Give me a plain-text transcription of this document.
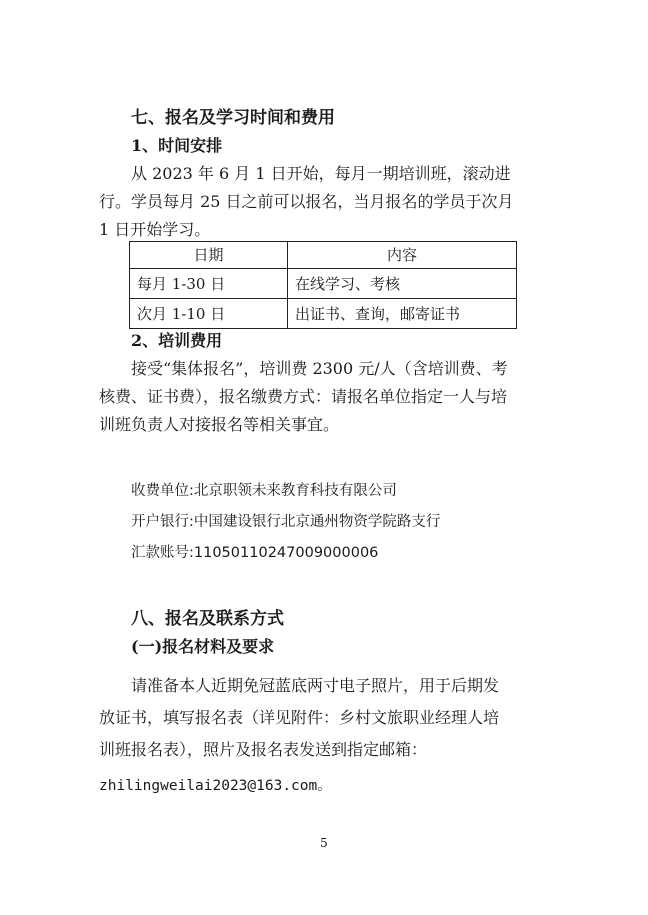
七、报名及学习时间和费用
1、时间安排
从 2023 年 6 月 1 日开始，每月一期培训班，滚动进
行。学员每月 25 日之前可以报名，当月报名的学员于次月
1 日开始学习。
日期	内容
每月 1-30 日	在线学习、考核
次月 1-10 日	出证书、查询，邮寄证书
2、培训费用
接受“集体报名”，培训费 2300 元/人（含培训费、考
核费、证书费），报名缴费方式：请报名单位指定一人与培
训班负责人对接报名等相关事宜。
收费单位:北京职领未来教育科技有限公司
开户银行:中国建设银行北京通州物资学院路支行
汇款账号:11050110247009000006
八、报名及联系方式
(一)报名材料及要求
请准备本人近期免冠蓝底两寸电子照片，用于后期发
放证书，填写报名表（详见附件：乡村文旅职业经理人培
训班报名表），照片及报名表发送到指定邮箱：
zhilingweilai2023@163.com。
5
